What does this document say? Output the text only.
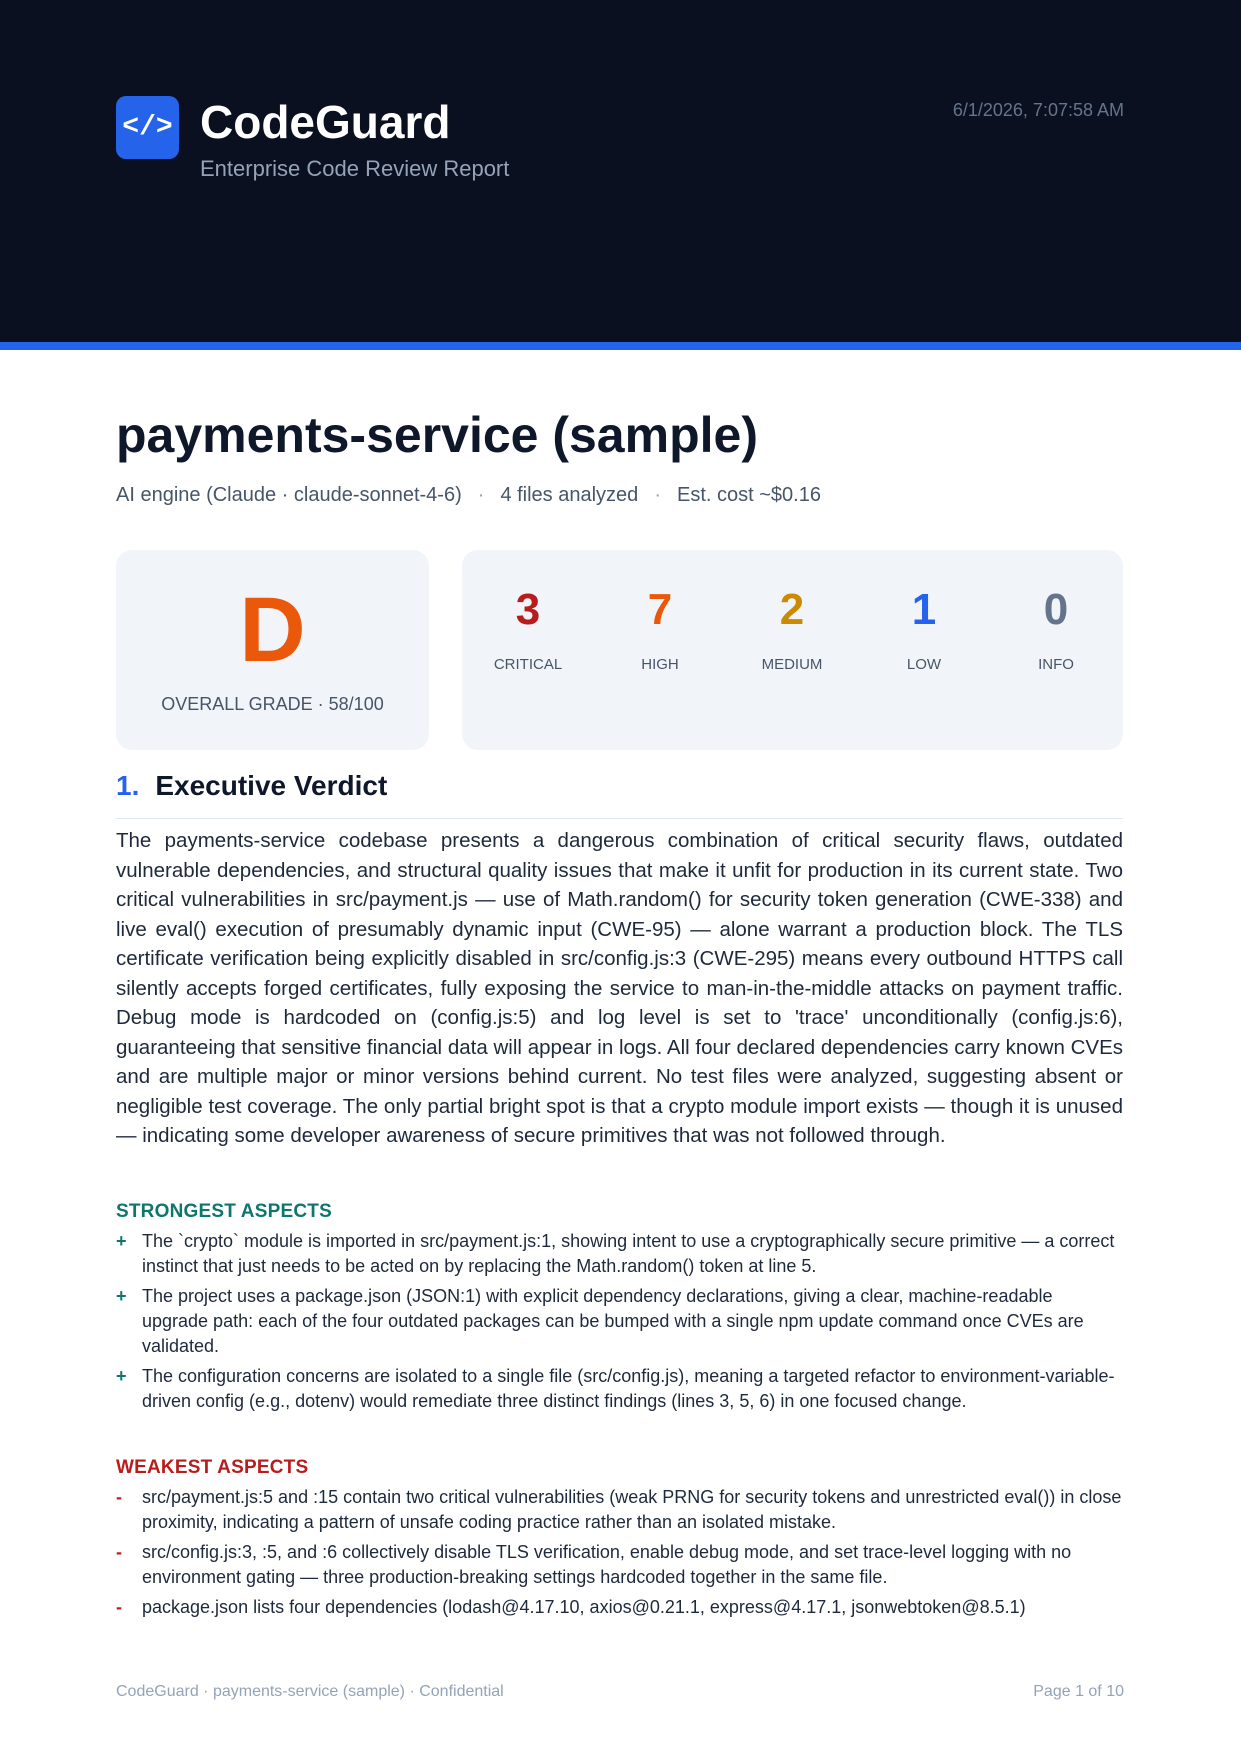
</> CodeGuard
Enterprise Code Review Report
6/1/2026, 7:07:58 AM
payments-service (sample)
AI engine (Claude · claude-sonnet-4-6) · 4 files analyzed · Est. cost ~$0.16
D
OVERALL GRADE · 58/100
3
CRITICAL
7
HIGH
2
MEDIUM
1
LOW
0
INFO
1. Executive Verdict

The payments-service codebase presents a dangerous combination of critical security flaws, outdated vulnerable dependencies, and structural quality issues that make it unfit for production in its current state. Two critical vulnerabilities in src/payment.js — use of Math.random() for security token generation (CWE-338) and live eval() execution of presumably dynamic input (CWE-95) — alone warrant a production block. The TLS certificate verification being explicitly disabled in src/config.js:3 (CWE-295) means every outbound HTTPS call silently accepts forged certificates, fully exposing the service to man-in-the-middle attacks on payment traffic. Debug mode is hardcoded on (config.js:5) and log level is set to 'trace' unconditionally (config.js:6), guaranteeing that sensitive financial data will appear in logs. All four declared dependencies carry known CVEs and are multiple major or minor versions behind current. No test files were analyzed, suggesting absent or negligible test coverage. The only partial bright spot is that a crypto module import exists — though it is unused — indicating some developer awareness of secure primitives that was not followed through.

STRONGEST ASPECTS
+ The `crypto` module is imported in src/payment.js:1, showing intent to use a cryptographically secure primitive — a correct instinct that just needs to be acted on by replacing the Math.random() token at line 5.
+ The project uses a package.json (JSON:1) with explicit dependency declarations, giving a clear, machine-readable upgrade path: each of the four outdated packages can be bumped with a single npm update command once CVEs are validated.
+ The configuration concerns are isolated to a single file (src/config.js), meaning a targeted refactor to environment-variable-driven config (e.g., dotenv) would remediate three distinct findings (lines 3, 5, 6) in one focused change.
WEAKEST ASPECTS
- src/payment.js:5 and :15 contain two critical vulnerabilities (weak PRNG for security tokens and unrestricted eval()) in close proximity, indicating a pattern of unsafe coding practice rather than an isolated mistake.
- src/config.js:3, :5, and :6 collectively disable TLS verification, enable debug mode, and set trace-level logging with no environment gating — three production-breaking settings hardcoded together in the same file.
- package.json lists four dependencies (lodash@4.17.10, axios@0.21.1, express@4.17.1, jsonwebtoken@8.5.1)
CodeGuard · payments-service (sample) · Confidential	Page 1 of 10
